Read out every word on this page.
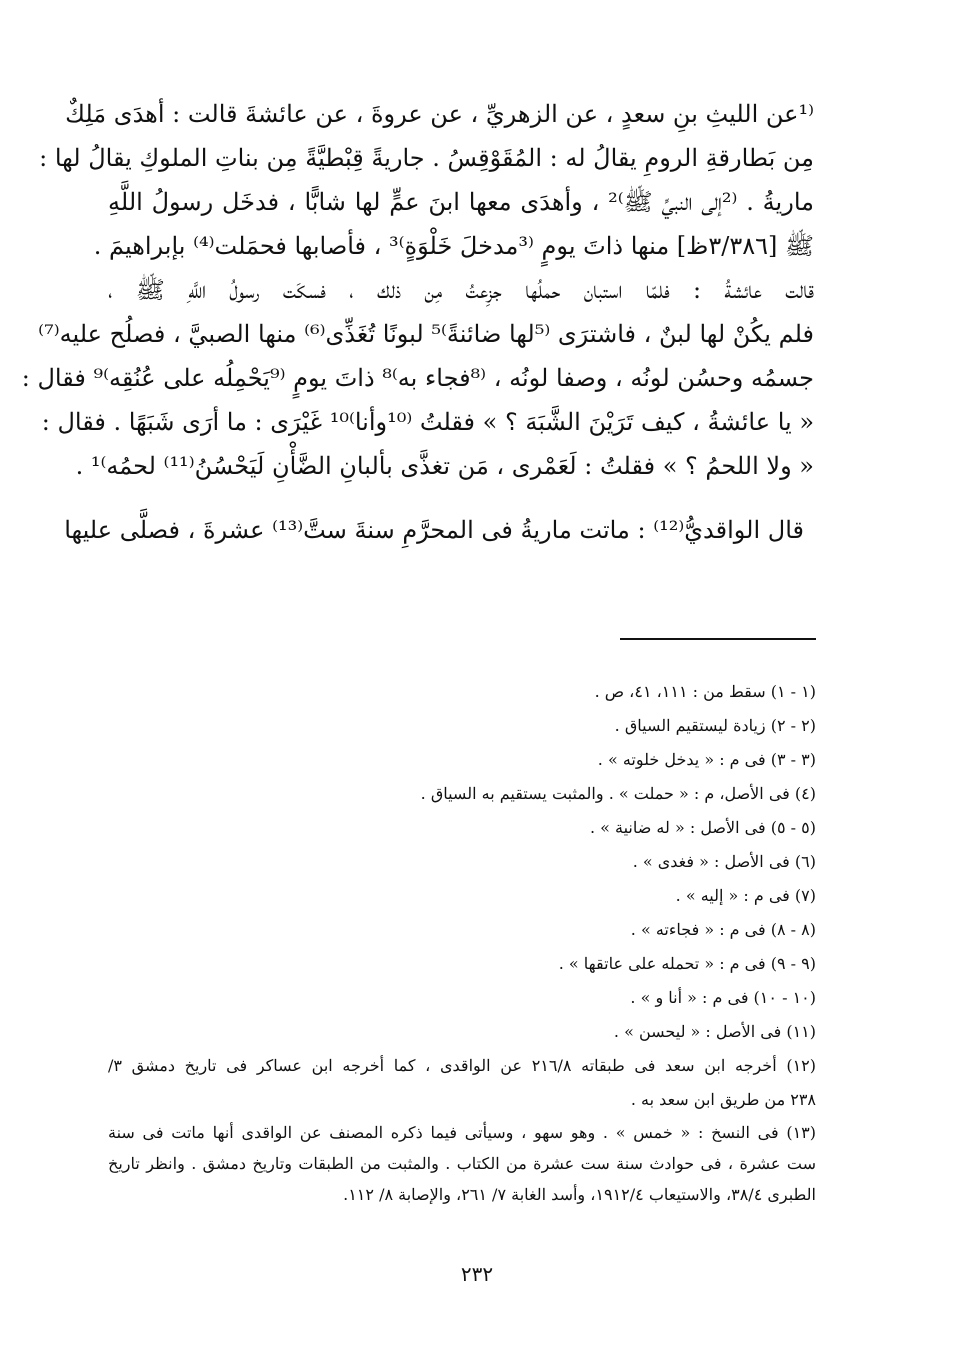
⁽¹عن الليثِ بنِ سعدٍ ، عن الزهريِّ ، عن عروةَ ، عن عائشةَ قالت : أهدَى مَلِكٌ
مِن بَطارقةِ الرومِ يقالُ له : المُقَوْقِسُ . جاريةً قِبْطيَّةً مِن بناتِ الملوكِ يقالُ لها :
ماريةُ . ⁽²إلى النبيِّ ﷺ⁾² ، وأهدَى معها ابنَ عمٍّ لها شابًّا ، فدخَل رسولُ اللَّهِ
ﷺ [٣/٣٨٦ظ] منها ذاتَ يومٍ ⁽³مدخلَ خَلْوَةٍ⁾³ ، فأصابها فحمَلت⁽⁴⁾ بإبراهيمَ .
قالت عائشةُ : فلمّا استبان حملُها جزِعتُ مِن ذلك ، فسكَت رسولُ اللَّهِ ﷺ ،
فلم يكُنْ لها لبنٌ ، فاشترَى ⁽⁵لها ضائنةً⁾⁵ لبونًا تُغَذِّى⁽⁶⁾ منها الصبيَّ ، فصلُح عليه⁽⁷⁾
جسمُه وحسُن لونُه ، وصفا لونُه ، ⁽⁸فجاء به⁾⁸ ذاتَ يومٍ ⁽⁹يَحْمِلُه على عُنُقِه⁾⁹ فقال :
« يا عائشةُ ، كيف تَرَيْنَ الشَّبَهَ ؟ » فقلتُ ⁽¹⁰وأنا⁾¹⁰ غَيْرَى : ما أرَى شَبَهًا . فقال :
« ولا اللحمُ ؟ » فقلتُ : لَعَمْرى ، مَن تغذَّى بألبانِ الضَّأْنِ لَيَحْسُنُ⁽¹¹⁾ لحمُه⁾¹ .
قال الواقديُّ⁽¹²⁾ : ماتت ماريةُ فى المحرَّمِ سنةَ ستَّ⁽¹³⁾ عشرةَ ، فصلَّى عليها
(١ - ١) سقط من : ١١١، ٤١، ص .
(٢ - ٢) زيادة ليستقيم السياق .
(٣ - ٣) فى م : « يدخل خلوته » .
(٤) فى الأصل، م : « حملت » . والمثبت يستقيم به السياق .
(٥ - ٥) فى الأصل : « له ضانية » .
(٦) فى الأصل : « فغدى » .
(٧) فى م : « إليه » .
(٨ - ٨) فى م : « فجاءته » .
(٩ - ٩) فى م : « تحمله على عاتقها » .
(١٠ - ١٠) فى م : « أنا و » .
(١١) فى الأصل : « ليحسن » .
(١٢) أخرجه ابن سعد فى طبقاته ٢١٦/٨ عن الواقدى ، كما أخرجه ابن عساكر فى تاريخ دمشق ٣/
٢٣٨ من طريق ابن سعد به .
(١٣) فى النسخ : « خمس » . وهو سهو ، وسيأتى فيما ذكره المصنف عن الواقدى أنها ماتت فى سنة
ست عشرة ، فى حوادث سنة ست عشرة من الكتاب . والمثبت من الطبقات وتاريخ دمشق . وانظر تاريخ
الطبرى ٣٨/٤، والاستيعاب ١٩١٢/٤، وأسد الغابة ٧/ ٢٦١، والإصابة ٨/ ١١٢.
٢٣٢
